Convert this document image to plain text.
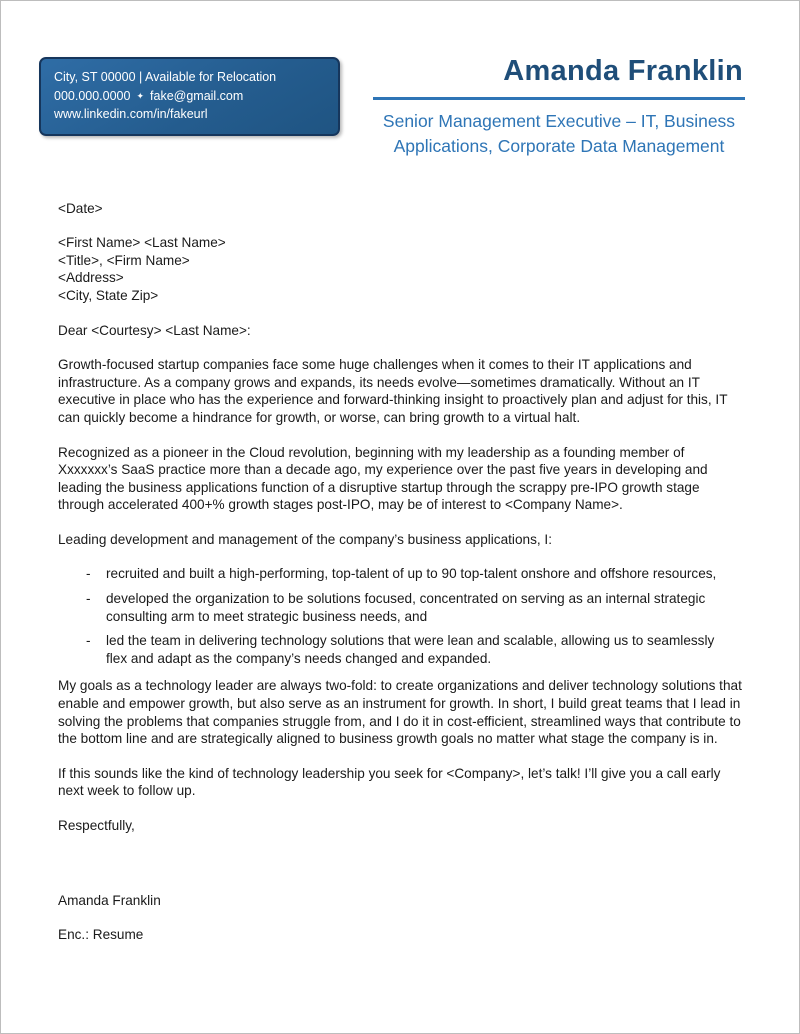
City, ST 00000 | Available for Relocation
000.000.0000 ✦ fake@gmail.com
www.linkedin.com/in/fakeurl
Amanda Franklin
Senior Management Executive – IT, Business
Applications, Corporate Data Management
<Date>
<First Name> <Last Name>
<Title>, <Firm Name>
<Address>
<City, State Zip>
Dear <Courtesy> <Last Name>:

Growth-focused startup companies face some huge challenges when it comes to their IT applications and infrastructure. As a company grows and expands, its needs evolve—sometimes dramatically. Without an IT executive in place who has the experience and forward-thinking insight to proactively plan and adjust for this, IT can quickly become a hindrance for growth, or worse, can bring growth to a virtual halt.

Recognized as a pioneer in the Cloud revolution, beginning with my leadership as a founding member of Xxxxxxx’s SaaS practice more than a decade ago, my experience over the past five years in developing and leading the business applications function of a disruptive startup through the scrappy pre-IPO growth stage through accelerated 400+% growth stages post-IPO, may be of interest to <Company Name>.

Leading development and management of the company’s business applications, I:
-	recruited and built a high-performing, top-talent of up to 90 top-talent onshore and offshore resources,
-	developed the organization to be solutions focused, concentrated on serving as an internal strategic consulting arm to meet strategic business needs, and
-	led the team in delivering technology solutions that were lean and scalable, allowing us to seamlessly flex and adapt as the company’s needs changed and expanded.

My goals as a technology leader are always two-fold: to create organizations and deliver technology solutions that enable and empower growth, but also serve as an instrument for growth. In short, I build great teams that I lead in solving the problems that companies struggle from, and I do it in cost-efficient, streamlined ways that contribute to the bottom line and are strategically aligned to business growth goals no matter what stage the company is in.

If this sounds like the kind of technology leadership you seek for <Company>, let’s talk! I’ll give you a call early next week to follow up.

Respectfully,
Amanda Franklin
Enc.: Resume
